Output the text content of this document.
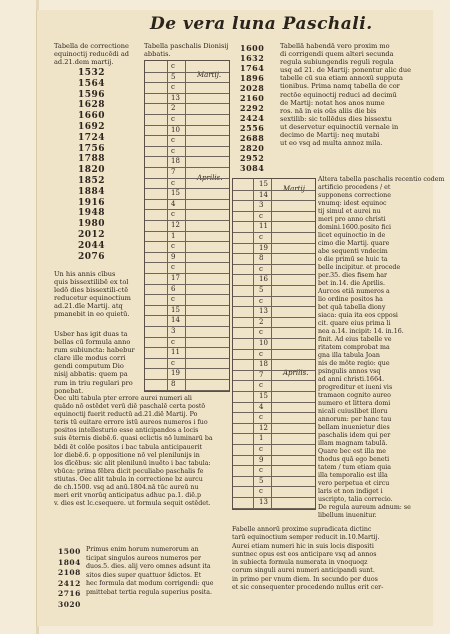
De vera luna Paschali.
Tabella de correctione equinoctij reducēdi ad ad.21.dem martij.
1532
1564
1596
1628
1660
1692
1724
1756
1788
1820
1852
1884
1916
1948
1980
2012
2044
2076
Un his annis cībus
quis bissextilibē ex tol
ledō dies bissextili-ctē
reducetur equinoctium
ad.21.dīe Martij. atq
pmanebit in eo quietū.
Usber has igit duas ta
bellas cū formula anno
rum subiuncta: habebur
clare ille modus corri
gendi computum Dio
nisij abbatis: quem pa
rum in triu regulari pro
ponebat.
Tabella paschalis Dionisij abbatis.
Martij.
Aprilis.
c
5
c
13
2
c
10
c
c
18
7
c
15
4
c
12
1
c
9
c
17
6
c
15
14
3
c
11
c
19
8
Tabellā habendā vero proxim mo
di corrigendi quem alteri secunda
regula subiungendis reguli regula
usq ad 21. de Martij: ponentur alic due
tabelle cū sua etiam annoxū supputa
tionibus. Prima namq tabella de cor
rectōe equinoctij reduci ad decimū
de Martij: notat hos anos nume
ros. nā in eis oūs aliis die bis
sextilib: sic tollēdus dies bissextu
ut deservetur equinoctiū vernale in
decimo de Martij: neq mutabi
ut eo vsq ad multa annoz mila.
1600
1632
1764
1896
2028
2160
2292
2424
2556
2688
2820
2952
3084
Martij.
Aprilis.
15
14
3
c
11
c
19
8
c
16
5
c
13
2
c
10
c
18
7
c
15
4
c
12
1
c
9
c
5
c
13
Altera tabella paschalis recentio codem
artificio procedens / et
supponens correctione
vnumq: idest equinoc
tij simul et aurei nu
meri pro anno christi
domini.1600.posito fici
licet equinoctio in de
cimo die Martij. quare
abe sequenti vndecim
o die primū se huic ta
belle incipitur. et procede
per.35. dies fisem har
bet in.14. die Aprilis.
Aurcos etiā numeros a
lio ordine positos ha
bet quā tabella diony
siaca: quia ita eos cpposi
cit. quare eius prima li
nea a.14. incipit: 14. in.16.
finit. Ad eius tabelle ve
ritatem comprobat ma
gna illa tabula Joan
nis de môte regio: que
psingulis annos vsq
ad anni christi.1664.
progreditur et iueni vis
tramaon cognito aureo
numero et littera domi
nicali cuiuslibet illoru
annorum: per hanc tau
bellam inuenietur dies
paschalis idem qui per
illam magnam tabulā.
Quare bec est illa me
thodus quā ego beneti
tatem / tum etiam quia
illa temporalio est illa
vero perpetua et circu
laris et non indiget i
uscripto, talia correcio.
De regula aureum adnum: se
libellum inuenitur.
Oec ulti tabula pter errore aurei numeri ali
quādo nō ostēdet verū diē paschalē certa postō
equinoctij fuerit reductū ad.21.diē Martij. Po
teris tū euitare errore istū aureos numeros i fuo
positos intellesturio esse anticipandos a locis
suis ēternis diebē.6. quasi eclictis nō luminarū ba
bēdi ēt colōe positos i bac tabula anticipauerit
lor diebē.6. p oppositione nō vel plenilunijs in
los dīcēbus: sic alit plenilunū inuēto i bac tabula:
vbūca: prima fēbra dicit peculiabo paschalis fe
stiutas. Oec alit tabula in correctione bz aurcu
de ch.1500. vsq ad anū.1804.nā tūc aureū nu
meri erit vnorūq anticipatus adhuc pa.1. diē.p
v. dies est lc.csequere. ut formula sequit ostēdet.
1500
1804
2108
2412
2716
3020
Primus enim horum numerorum an
ticipat singulos aureos numeros per
duos.5. dies. alij vero omnes adsunt ita
sitos dies super quattuor ŝdictos. Et
hec formula dat modum corrigendi: que
pmittebat tertia regula superius posita.
Fabelle annorū proxime supradicata dictinc
tarū equinoctium semper reducit in.10.Martij.
Aurei etiam numeri hic in suis locis dispositi
suntnec opus est eos anticipare vsq ad annos
in subiecta formula numerata in vnoquoqz
corum singuli aurei numeri anticipandi sunt.
in primo per vnum diem. In secundo per duos
et sic consequenter procedendo nullus erit cer-
